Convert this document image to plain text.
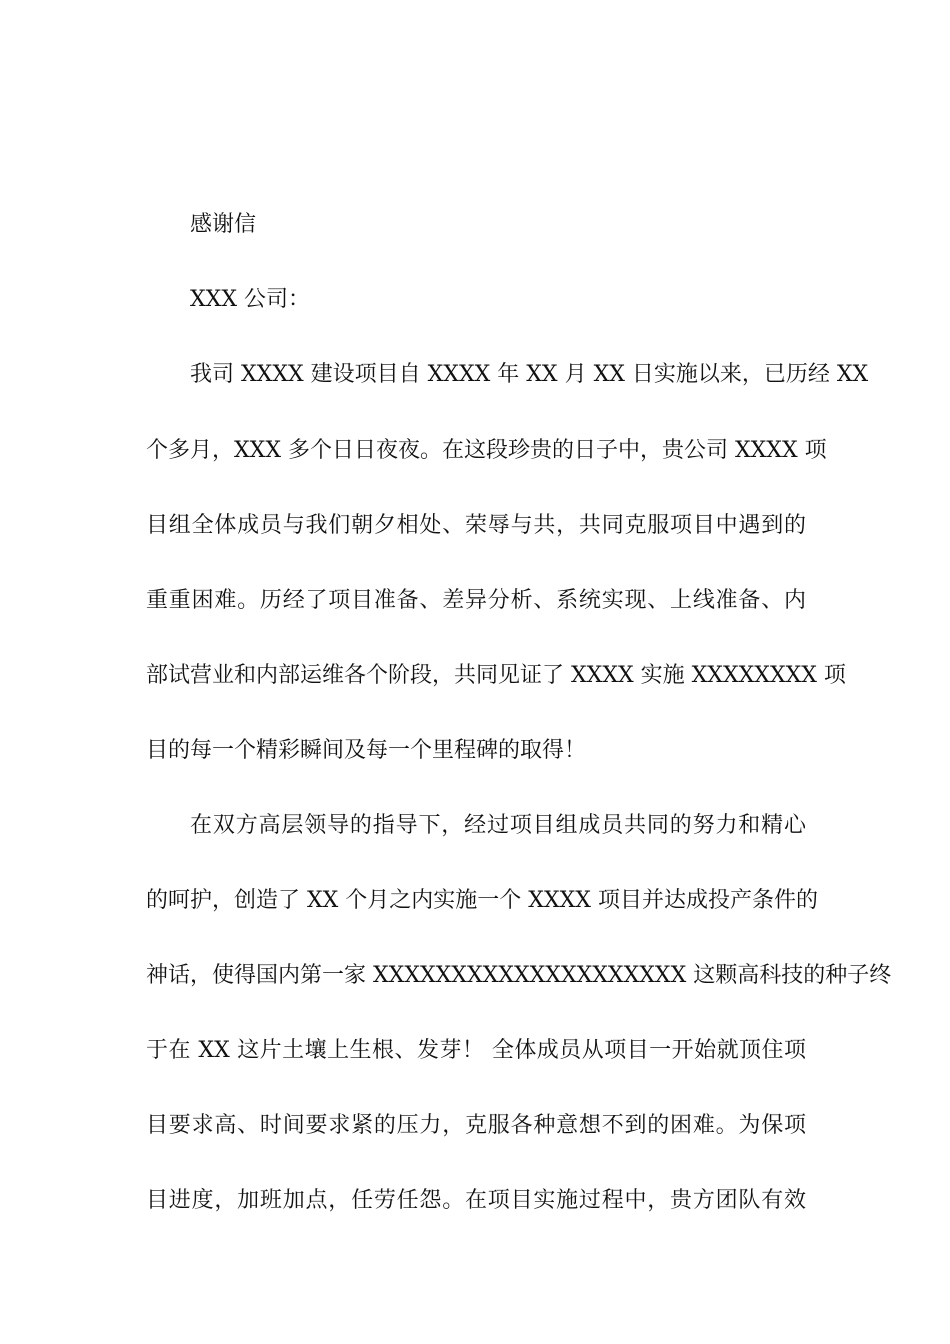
感谢信
XXX 公司：
我司 XXXX 建设项目自 XXXX 年 XX 月 XX 日实施以来，已历经 XX
个多月，XXX 多个日日夜夜。在这段珍贵的日子中，贵公司 XXXX 项
目组全体成员与我们朝夕相处、荣辱与共，共同克服项目中遇到的
重重困难。历经了项目准备、差异分析、系统实现、上线准备、内
部试营业和内部运维各个阶段，共同见证了 XXXX 实施 XXXXXXXX 项
目的每一个精彩瞬间及每一个里程碑的取得！
在双方高层领导的指导下，经过项目组成员共同的努力和精心
的呵护，创造了 XX 个月之内实施一个 XXXX 项目并达成投产条件的
神话，使得国内第一家 XXXXXXXXXXXXXXXXXXXX 这颗高科技的种子终
于在 XX 这片土壤上生根、发芽！ 全体成员从项目一开始就顶住项
目要求高、时间要求紧的压力，克服各种意想不到的困难。为保项
目进度，加班加点，任劳任怨。在项目实施过程中，贵方团队有效
